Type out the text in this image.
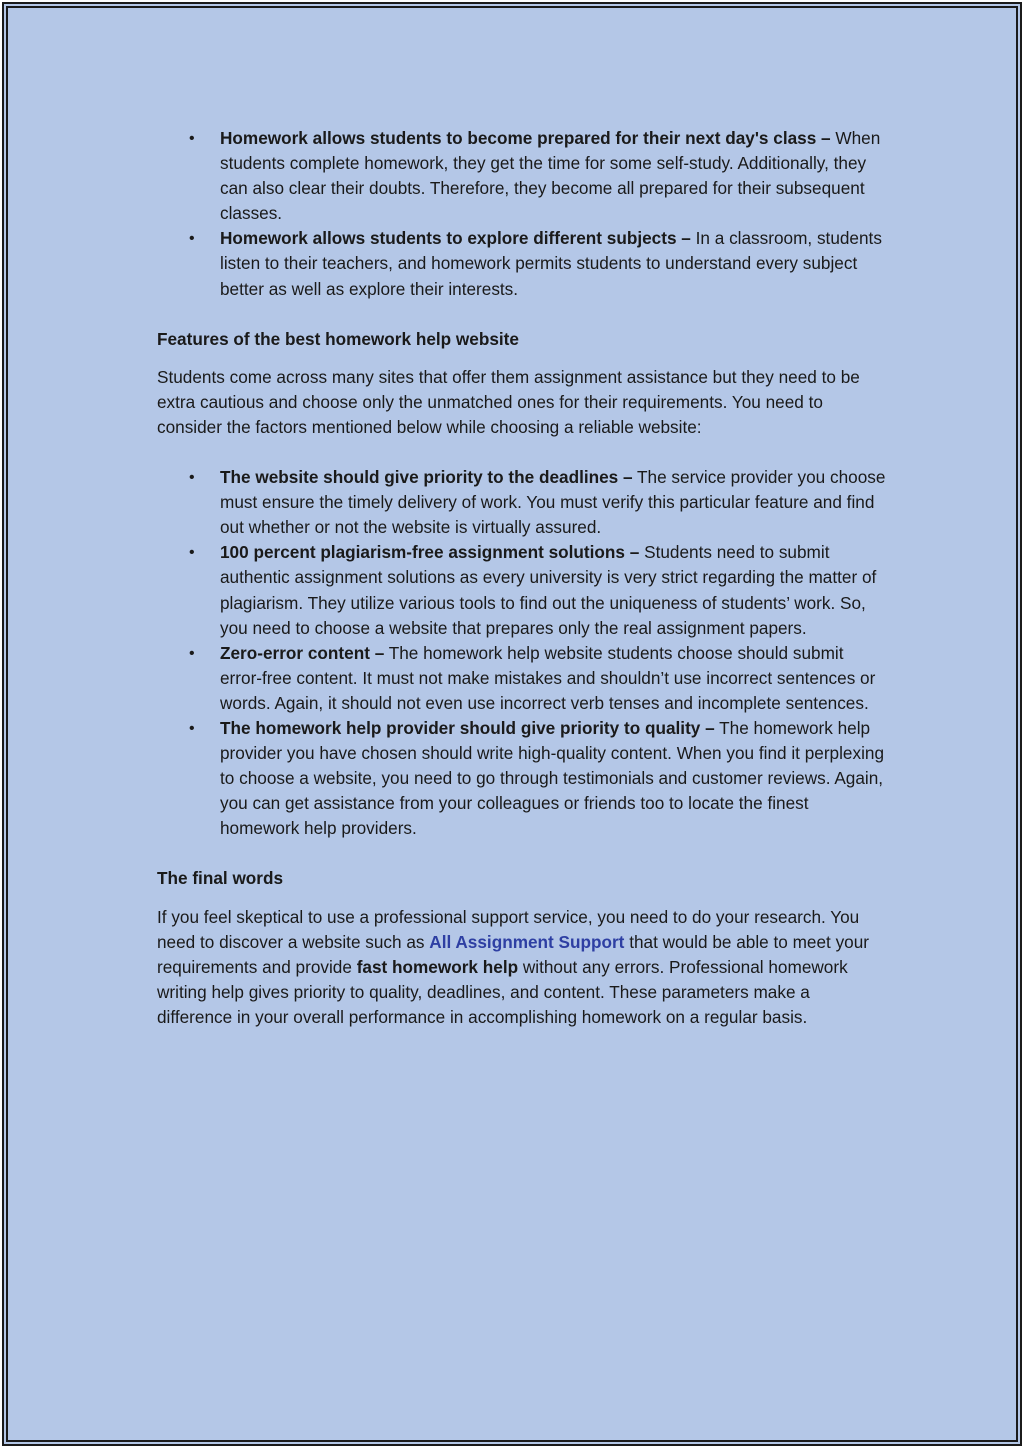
• Homework allows students to become prepared for their next day's class – When students complete homework, they get the time for some self-study. Additionally, they can also clear their doubts. Therefore, they become all prepared for their subsequent classes.
• Homework allows students to explore different subjects – In a classroom, students listen to their teachers, and homework permits students to understand every subject better as well as explore their interests.

Features of the best homework help website

Students come across many sites that offer them assignment assistance but they need to be extra cautious and choose only the unmatched ones for their requirements. You need to consider the factors mentioned below while choosing a reliable website:

• The website should give priority to the deadlines – The service provider you choose must ensure the timely delivery of work. You must verify this particular feature and find out whether or not the website is virtually assured.
• 100 percent plagiarism-free assignment solutions – Students need to submit authentic assignment solutions as every university is very strict regarding the matter of plagiarism. They utilize various tools to find out the uniqueness of students’ work. So, you need to choose a website that prepares only the real assignment papers.
• Zero-error content – The homework help website students choose should submit error-free content. It must not make mistakes and shouldn’t use incorrect sentences or words. Again, it should not even use incorrect verb tenses and incomplete sentences.
• The homework help provider should give priority to quality – The homework help provider you have chosen should write high-quality content. When you find it perplexing to choose a website, you need to go through testimonials and customer reviews. Again, you can get assistance from your colleagues or friends too to locate the finest homework help providers.

The final words

If you feel skeptical to use a professional support service, you need to do your research. You need to discover a website such as All Assignment Support that would be able to meet your requirements and provide fast homework help without any errors. Professional homework writing help gives priority to quality, deadlines, and content. These parameters make a difference in your overall performance in accomplishing homework on a regular basis.
